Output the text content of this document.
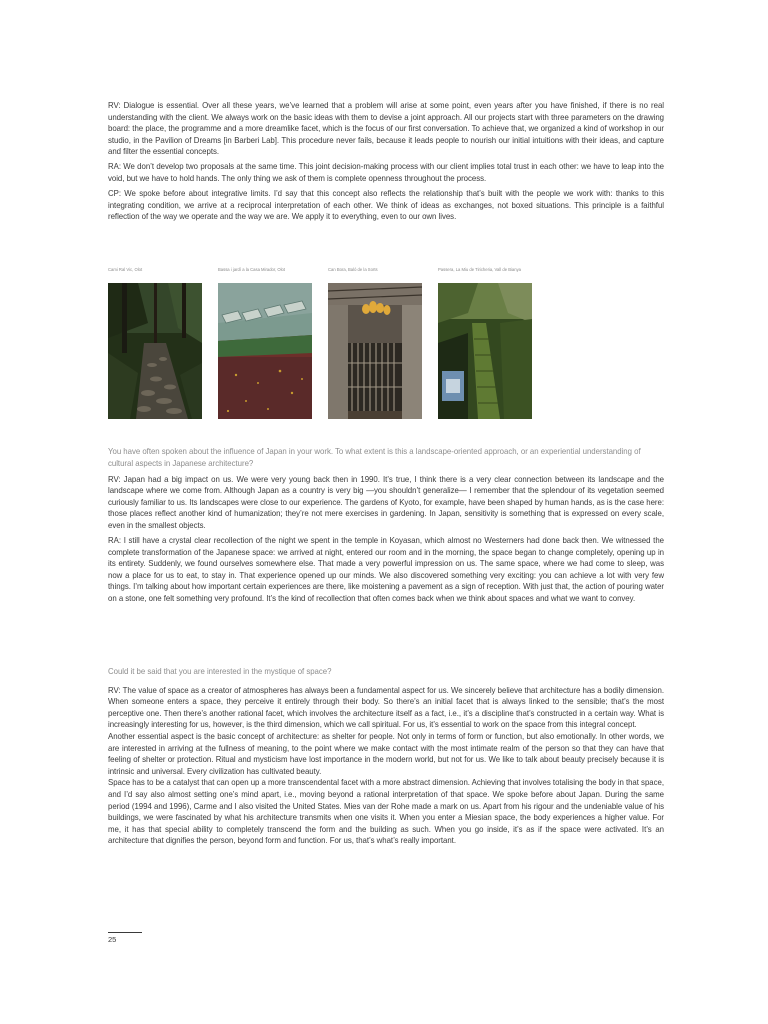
RV: Dialogue is essential. Over all these years, we’ve learned that a problem will arise at some point, even years after you have finished, if there is no real understanding with the client. We always work on the basic ideas with them to devise a joint approach. All our projects start with three parameters on the drawing board: the place, the programme and a more dreamlike facet, which is the focus of our first conversation. To achieve that, we organized a kind of workshop in our studio, in the Pavilion of Dreams [in Barberi Lab]. This procedure never fails, because it leads people to nourish our initial intuitions with their ideas, and capture and filter the essential concepts.

RA: We don’t develop two proposals at the same time. This joint decision-making process with our client implies total trust in each other: we have to leap into the void, but we have to hold hands. The only thing we ask of them is complete openness throughout the process.

CP: We spoke before about integrative limits. I’d say that this concept also reflects the relationship that’s built with the people we work with: thanks to this integrating condition, we arrive at a reciprocal interpretation of each other. We think of ideas as exchanges, not boxed situations. This principle is a faithful reflection of the way we operate and the way we are. We apply it to everything, even to our own lives.

Cami Ral Vic, Olot	Bassa i jardí a la Casa Mirador, Olot	Can Bora, Baló de la Sorts	Passera, La Miu de Tiricheria, Vall de Bianya

You have often spoken about the influence of Japan in your work. To what extent is this a landscape-oriented approach, or an experiential understanding of cultural aspects in Japanese architecture?

RV: Japan had a big impact on us. We were very young back then in 1990. It’s true, I think there is a very clear connection between its landscape and the landscape where we come from. Although Japan as a country is very big —you shouldn’t generalize— I remember that the splendour of its vegetation seemed curiously familiar to us. Its landscapes were close to our experience. The gardens of Kyoto, for example, have been shaped by human hands, as is the case here: those places reflect another kind of humanization; they’re not mere exercises in gardening. In Japan, sensitivity is something that is expressed on every scale, even in the smallest objects.

RA: I still have a crystal clear recollection of the night we spent in the temple in Koyasan, which almost no Westerners had done back then. We witnessed the complete transformation of the Japanese space: we arrived at night, entered our room and in the morning, the space began to change completely, opening up in its entirety. Suddenly, we found ourselves somewhere else. That made a very powerful impression on us. The same space, where we had come to sleep, was now a place for us to eat, to stay in. That experience opened up our minds. We also discovered something very exciting: you can achieve a lot with very few things. I’m talking about how important certain experiences are there, like moistening a pavement as a sign of reception. With just that, the action of pouring water on a stone, one felt something very profound. It’s the kind of recollection that often comes back when we think about spaces and what we want to convey.

Could it be said that you are interested in the mystique of space?

RV: The value of space as a creator of atmospheres has always been a fundamental aspect for us. We sincerely believe that architecture has a bodily dimension. When someone enters a space, they perceive it entirely through their body. So there’s an initial facet that is always linked to the sensible; that’s the most perceptive one. Then there’s another rational facet, which involves the architecture itself as a fact, i.e., it’s a discipline that’s constructed in a certain way. What is increasingly interesting for us, however, is the third dimension, which we call spiritual. For us, it’s essential to work on the space from this integral concept.

Another essential aspect is the basic concept of architecture: as shelter for people. Not only in terms of form or function, but also emotionally. In other words, we are interested in arriving at the fullness of meaning, to the point where we make contact with the most intimate realm of the person so that they can have that feeling of shelter or protection. Ritual and mysticism have lost importance in the modern world, but not for us. We like to talk about beauty precisely because it is intrinsic and universal. Every civilization has cultivated beauty.

Space has to be a catalyst that can open up a more transcendental facet with a more abstract dimension. Achieving that involves totalising the body in that space, and I’d say also almost setting one’s mind apart, i.e., moving beyond a rational interpretation of that space. We spoke before about Japan. During the same period (1994 and 1996), Carme and I also visited the United States. Mies van der Rohe made a mark on us. Apart from his rigour and the undeniable value of his buildings, we were fascinated by what his architecture transmits when one visits it. When you enter a Miesian space, the body experiences a higher value. For me, it has that special ability to completely transcend the form and the building as such. When you go inside, it’s as if the space were activated. It’s an architecture that dignifies the person, beyond form and function. For us, that’s what’s really important.

25
